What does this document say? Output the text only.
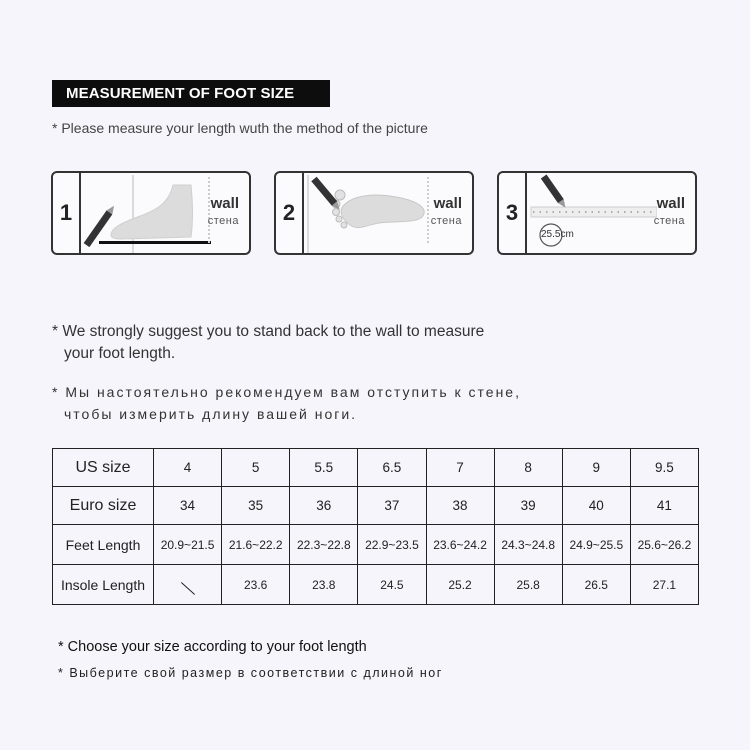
MEASUREMENT OF FOOT SIZE
* Please measure your length wuth the method of the picture
1	wall
стена	2	wall
стена	3
25.5cm
wall
стена
* We strongly suggest you to stand back to the wall to measure
your foot length.
* Мы настоятельно рекомендуем вам отступить к стене,
чтобы измерить длину вашей ноги.
US size	4	5	5.5	6.5	7	8	9	9.5
Euro size	34	35	36	37	38	39	40	41
Feet Length	20.9~21.5	21.6~22.2	22.3~22.8	22.9~23.5	23.6~24.2	24.3~24.8	24.9~25.5	25.6~26.2
Insole Length		23.6	23.8	24.5	25.2	25.8	26.5	27.1
* Choose your size according to your foot length
* Выберите свой размер в соответствии с длиной ног
